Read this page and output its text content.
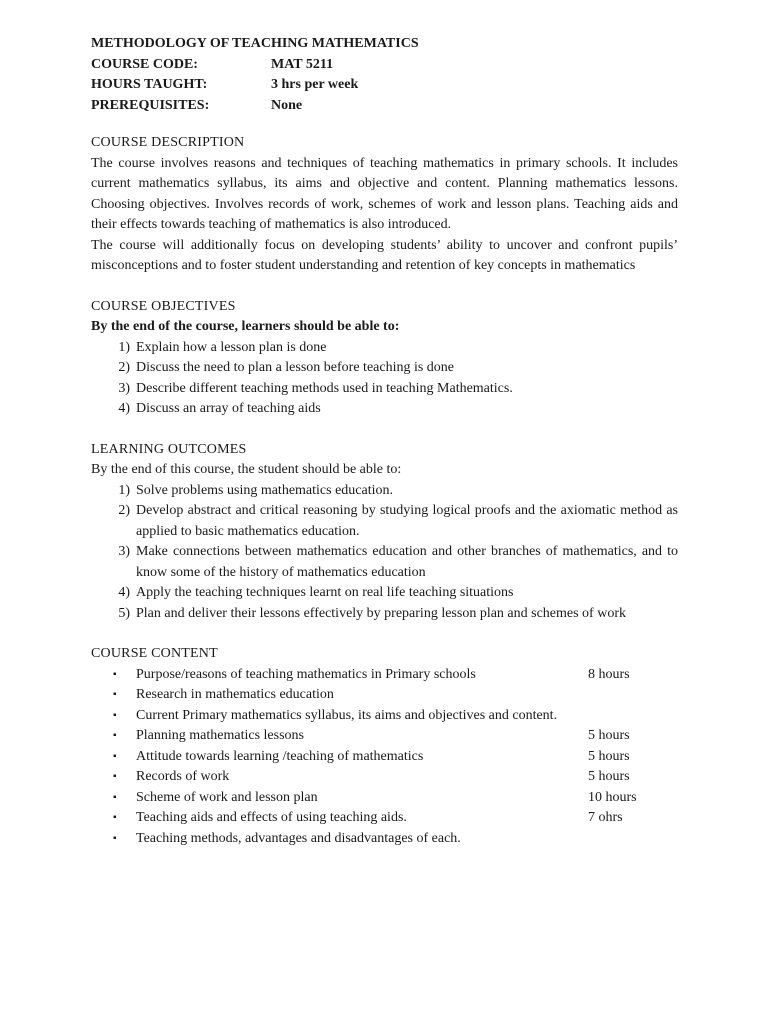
METHODOLOGY OF TEACHING MATHEMATICS
COURSE CODE:	MAT 5211
HOURS TAUGHT:	3 hrs per week
PREREQUISITES:	None
COURSE DESCRIPTION
The course involves reasons and techniques of teaching mathematics in primary schools. It includes current mathematics syllabus, its aims and objective and content. Planning mathematics lessons. Choosing objectives. Involves records of work, schemes of work and lesson plans. Teaching aids and their effects towards teaching of mathematics is also introduced.
The course will additionally focus on developing students’ ability to uncover and confront pupils’ misconceptions and to foster student understanding and retention of key concepts in mathematics
COURSE OBJECTIVES
By the end of the course, learners should be able to:
1) Explain how a lesson plan is done
2) Discuss the need to plan a lesson before teaching is done
3) Describe different teaching methods used in teaching Mathematics.
4) Discuss an array of teaching aids
LEARNING OUTCOMES
By the end of this course, the student should be able to:
1) Solve problems using mathematics education.
2) Develop abstract and critical reasoning by studying logical proofs and the axiomatic method as applied to basic mathematics education.
3) Make connections between mathematics education and other branches of mathematics, and to know some of the history of mathematics education
4) Apply the teaching techniques learnt on real life teaching situations
5) Plan and deliver their lessons effectively by preparing lesson plan and schemes of work
COURSE CONTENT
▪	Purpose/reasons of teaching mathematics in Primary schools	8 hours
▪	Research in mathematics education
▪	Current Primary mathematics syllabus, its aims and objectives and content.
▪	Planning mathematics lessons	5 hours
▪	Attitude towards learning /teaching of mathematics	5 hours
▪	Records of work	5 hours
▪	Scheme of work and lesson plan	10 hours
▪	Teaching aids and effects of using teaching aids.	7 ohrs
▪	Teaching methods, advantages and disadvantages of each.
